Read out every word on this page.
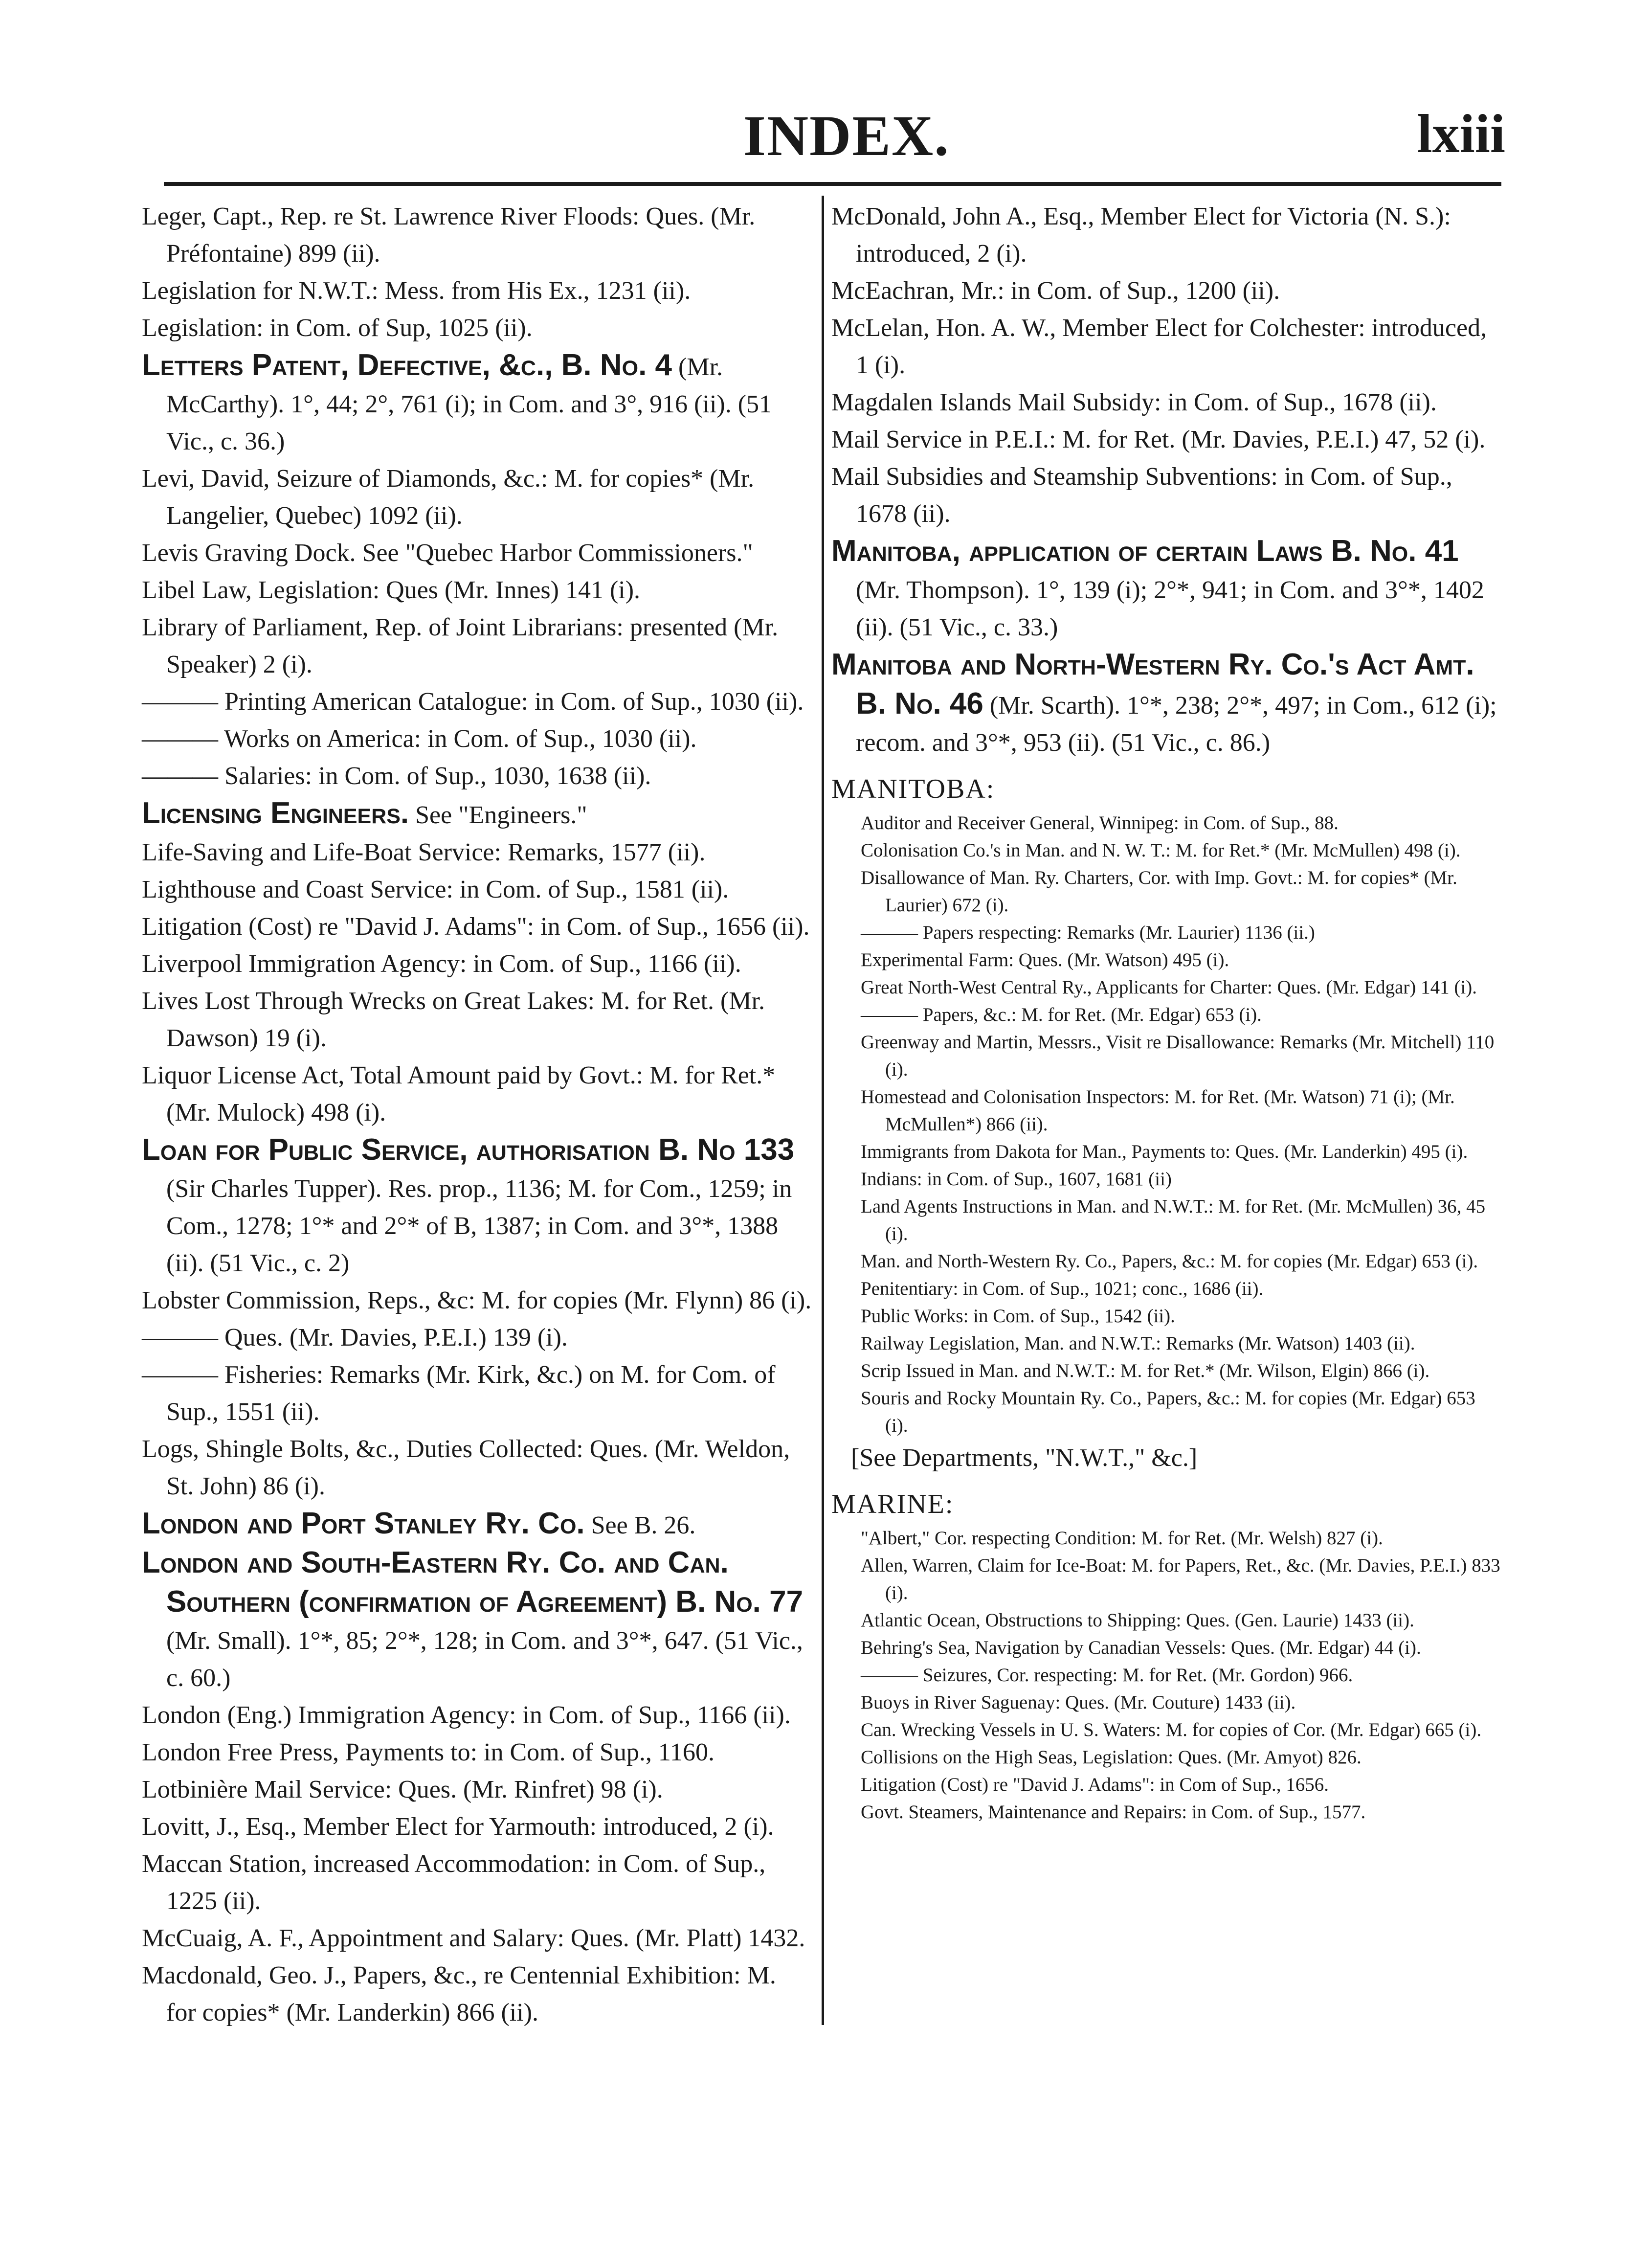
INDEX.	lxiii

Leger, Capt., Rep. re St. Lawrence River Floods: Ques. (Mr. Préfontaine) 899 (ii).

Legislation for N.W.T.: Mess. from His Ex., 1231 (ii).

Legislation: in Com. of Sup, 1025 (ii).

Letters Patent, Defective, &c., B. No. 4 (Mr. McCarthy). 1°, 44; 2°, 761 (i); in Com. and 3°, 916 (ii). (51 Vic., c. 36.)

Levi, David, Seizure of Diamonds, &c.: M. for copies* (Mr. Langelier, Quebec) 1092 (ii).

Levis Graving Dock. See "Quebec Harbor Commissioners."

Libel Law, Legislation: Ques (Mr. Innes) 141 (i).

Library of Parliament, Rep. of Joint Librarians: presented (Mr. Speaker) 2 (i).

——— Printing American Catalogue: in Com. of Sup., 1030 (ii).

——— Works on America: in Com. of Sup., 1030 (ii).

——— Salaries: in Com. of Sup., 1030, 1638 (ii).

Licensing Engineers. See "Engineers."

Life-Saving and Life-Boat Service: Remarks, 1577 (ii).

Lighthouse and Coast Service: in Com. of Sup., 1581 (ii).

Litigation (Cost) re "David J. Adams": in Com. of Sup., 1656 (ii).

Liverpool Immigration Agency: in Com. of Sup., 1166 (ii).

Lives Lost Through Wrecks on Great Lakes: M. for Ret. (Mr. Dawson) 19 (i).

Liquor License Act, Total Amount paid by Govt.: M. for Ret.* (Mr. Mulock) 498 (i).

Loan for Public Service, authorisation B. No 133 (Sir Charles Tupper). Res. prop., 1136; M. for Com., 1259; in Com., 1278; 1°* and 2°* of B, 1387; in Com. and 3°*, 1388 (ii). (51 Vic., c. 2)

Lobster Commission, Reps., &c: M. for copies (Mr. Flynn) 86 (i).

——— Ques. (Mr. Davies, P.E.I.) 139 (i).

——— Fisheries: Remarks (Mr. Kirk, &c.) on M. for Com. of Sup., 1551 (ii).

Logs, Shingle Bolts, &c., Duties Collected: Ques. (Mr. Weldon, St. John) 86 (i).

London and Port Stanley Ry. Co. See B. 26.

London and South-Eastern Ry. Co. and Can. Southern (confirmation of Agreement) B. No. 77 (Mr. Small). 1°*, 85; 2°*, 128; in Com. and 3°*, 647. (51 Vic., c. 60.)

London (Eng.) Immigration Agency: in Com. of Sup., 1166 (ii).

London Free Press, Payments to: in Com. of Sup., 1160.

Lotbinière Mail Service: Ques. (Mr. Rinfret) 98 (i).

Lovitt, J., Esq., Member Elect for Yarmouth: introduced, 2 (i).

Maccan Station, increased Accommodation: in Com. of Sup., 1225 (ii).

McCuaig, A. F., Appointment and Salary: Ques. (Mr. Platt) 1432.

Macdonald, Geo. J., Papers, &c., re Centennial Exhibition: M. for copies* (Mr. Landerkin) 866 (ii).

McDonald, John A., Esq., Member Elect for Victoria (N. S.): introduced, 2 (i).

McEachran, Mr.: in Com. of Sup., 1200 (ii).

McLelan, Hon. A. W., Member Elect for Colchester: introduced, 1 (i).

Magdalen Islands Mail Subsidy: in Com. of Sup., 1678 (ii).

Mail Service in P.E.I.: M. for Ret. (Mr. Davies, P.E.I.) 47, 52 (i).

Mail Subsidies and Steamship Subventions: in Com. of Sup., 1678 (ii).

Manitoba, application of certain Laws B. No. 41 (Mr. Thompson). 1°, 139 (i); 2°*, 941; in Com. and 3°*, 1402 (ii). (51 Vic., c. 33.)

Manitoba and North-Western Ry. Co.'s Act Amt. B. No. 46 (Mr. Scarth). 1°*, 238; 2°*, 497; in Com., 612 (i); recom. and 3°*, 953 (ii). (51 Vic., c. 86.)

MANITOBA:

Auditor and Receiver General, Winnipeg: in Com. of Sup., 88.

Colonisation Co.'s in Man. and N. W. T.: M. for Ret.* (Mr. McMullen) 498 (i).

Disallowance of Man. Ry. Charters, Cor. with Imp. Govt.: M. for copies* (Mr. Laurier) 672 (i).

——— Papers respecting: Remarks (Mr. Laurier) 1136 (ii.)

Experimental Farm: Ques. (Mr. Watson) 495 (i).

Great North-West Central Ry., Applicants for Charter: Ques. (Mr. Edgar) 141 (i).

——— Papers, &c.: M. for Ret. (Mr. Edgar) 653 (i).

Greenway and Martin, Messrs., Visit re Disallowance: Remarks (Mr. Mitchell) 110 (i).

Homestead and Colonisation Inspectors: M. for Ret. (Mr. Watson) 71 (i); (Mr. McMullen*) 866 (ii).

Immigrants from Dakota for Man., Payments to: Ques. (Mr. Landerkin) 495 (i).

Indians: in Com. of Sup., 1607, 1681 (ii)

Land Agents Instructions in Man. and N.W.T.: M. for Ret. (Mr. McMullen) 36, 45 (i).

Man. and North-Western Ry. Co., Papers, &c.: M. for copies (Mr. Edgar) 653 (i).

Penitentiary: in Com. of Sup., 1021; conc., 1686 (ii).

Public Works: in Com. of Sup., 1542 (ii).

Railway Legislation, Man. and N.W.T.: Remarks (Mr. Watson) 1403 (ii).

Scrip Issued in Man. and N.W.T.: M. for Ret.* (Mr. Wilson, Elgin) 866 (i).

Souris and Rocky Mountain Ry. Co., Papers, &c.: M. for copies (Mr. Edgar) 653 (i).

[See Departments, "N.W.T.," &c.]

MARINE:

"Albert," Cor. respecting Condition: M. for Ret. (Mr. Welsh) 827 (i).

Allen, Warren, Claim for Ice-Boat: M. for Papers, Ret., &c. (Mr. Davies, P.E.I.) 833 (i).

Atlantic Ocean, Obstructions to Shipping: Ques. (Gen. Laurie) 1433 (ii).

Behring's Sea, Navigation by Canadian Vessels: Ques. (Mr. Edgar) 44 (i).

——— Seizures, Cor. respecting: M. for Ret. (Mr. Gordon) 966.

Buoys in River Saguenay: Ques. (Mr. Couture) 1433 (ii).

Can. Wrecking Vessels in U. S. Waters: M. for copies of Cor. (Mr. Edgar) 665 (i).

Collisions on the High Seas, Legislation: Ques. (Mr. Amyot) 826.

Litigation (Cost) re "David J. Adams": in Com of Sup., 1656.

Govt. Steamers, Maintenance and Repairs: in Com. of Sup., 1577.
